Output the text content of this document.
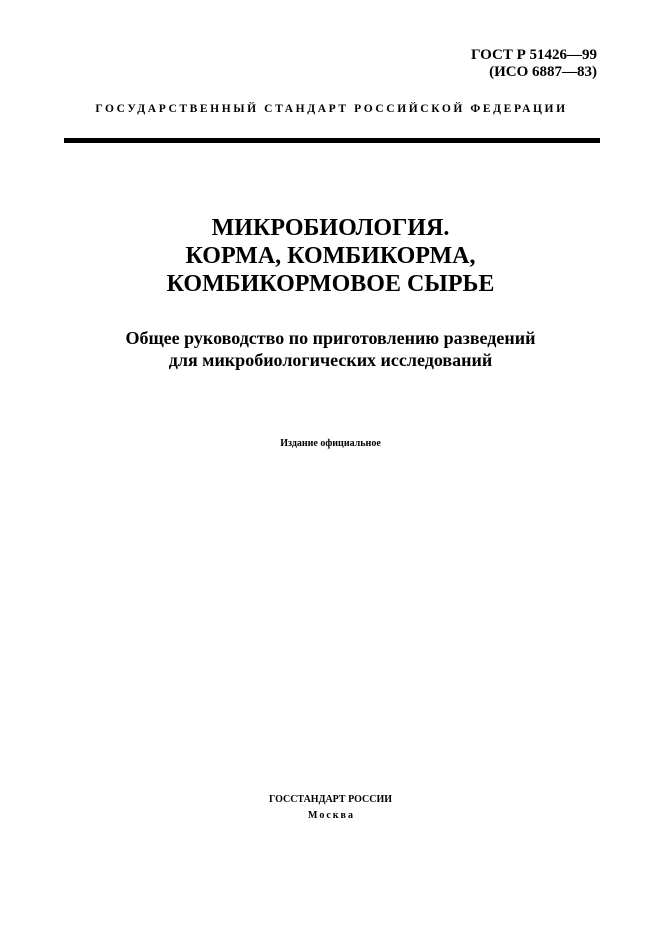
ГОСТ Р 51426—99
(ИСО 6887—83)
ГОСУДАРСТВЕННЫЙ СТАНДАРТ РОССИЙСКОЙ ФЕДЕРАЦИИ
МИКРОБИОЛОГИЯ.
КОРМА, КОМБИКОРМА,
КОМБИКОРМОВОЕ СЫРЬЕ
Общее руководство по приготовлению разведений
для микробиологических исследований
Издание официальное
ГОССТАНДАРТ РОССИИ
Москва
